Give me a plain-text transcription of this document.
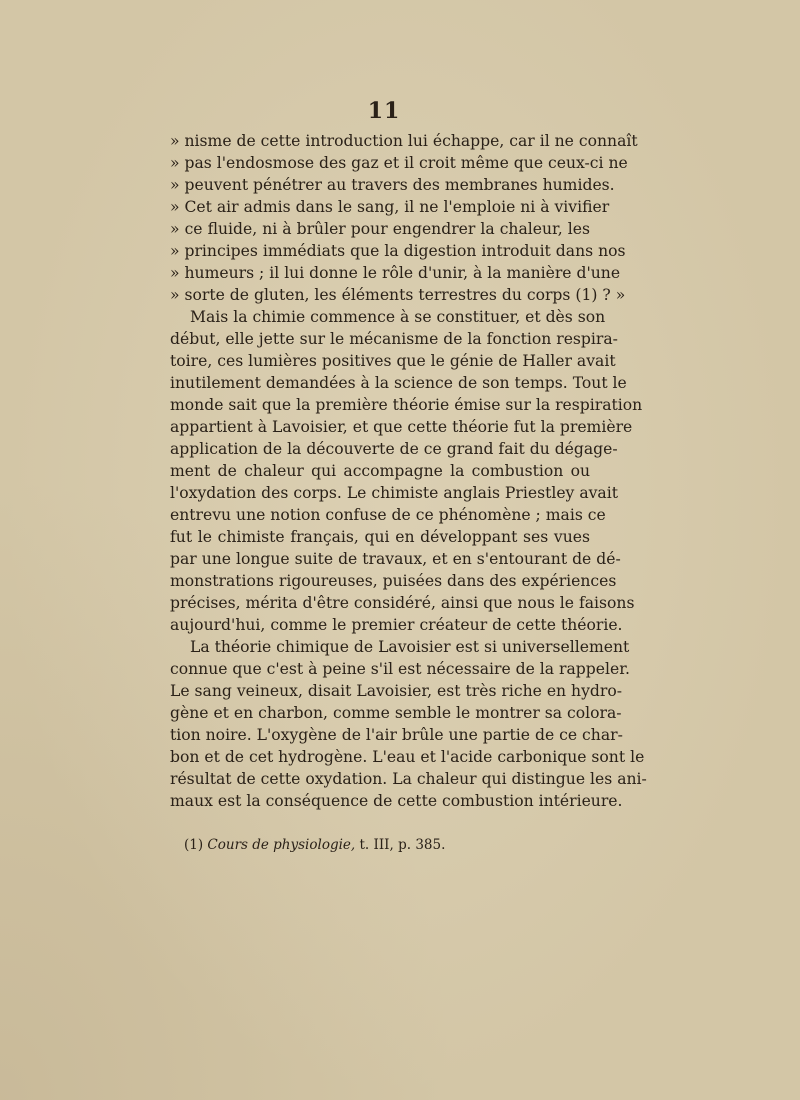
11
» nisme de cette introduction lui échappe, car il ne connaît
» pas l'endosmose des gaz et il croit même que ceux-ci ne
» peuvent pénétrer au travers des membranes humides.
» Cet air admis dans le sang, il ne l'emploie ni à vivifier
» ce fluide, ni à brûler pour engendrer la chaleur, les
» principes immédiats que la digestion introduit dans nos
» humeurs ; il lui donne le rôle d'unir, à la manière d'une
» sorte de gluten, les éléments terrestres du corps (1) ? »
Mais la chimie commence à se constituer, et dès son
début, elle jette sur le mécanisme de la fonction respira-
toire, ces lumières positives que le génie de Haller avait
inutilement demandées à la science de son temps. Tout le
monde sait que la première théorie émise sur la respiration
appartient à Lavoisier, et que cette théorie fut la première
application de la découverte de ce grand fait du dégage-
ment de chaleur qui accompagne la combustion ou
l'oxydation des corps. Le chimiste anglais Priestley avait
entrevu une notion confuse de ce phénomène ; mais ce
fut le chimiste français, qui en développant ses vues
par une longue suite de travaux, et en s'entourant de dé-
monstrations rigoureuses, puisées dans des expériences
précises, mérita d'être considéré, ainsi que nous le faisons
aujourd'hui, comme le premier créateur de cette théorie.
La théorie chimique de Lavoisier est si universellement
connue que c'est à peine s'il est nécessaire de la rappeler.
Le sang veineux, disait Lavoisier, est très riche en hydro-
gène et en charbon, comme semble le montrer sa colora-
tion noire. L'oxygène de l'air brûle une partie de ce char-
bon et de cet hydrogène. L'eau et l'acide carbonique sont le
résultat de cette oxydation. La chaleur qui distingue les ani-
maux est la conséquence de cette combustion intérieure.
(1) Cours de physiologie, t. III, p. 385.
